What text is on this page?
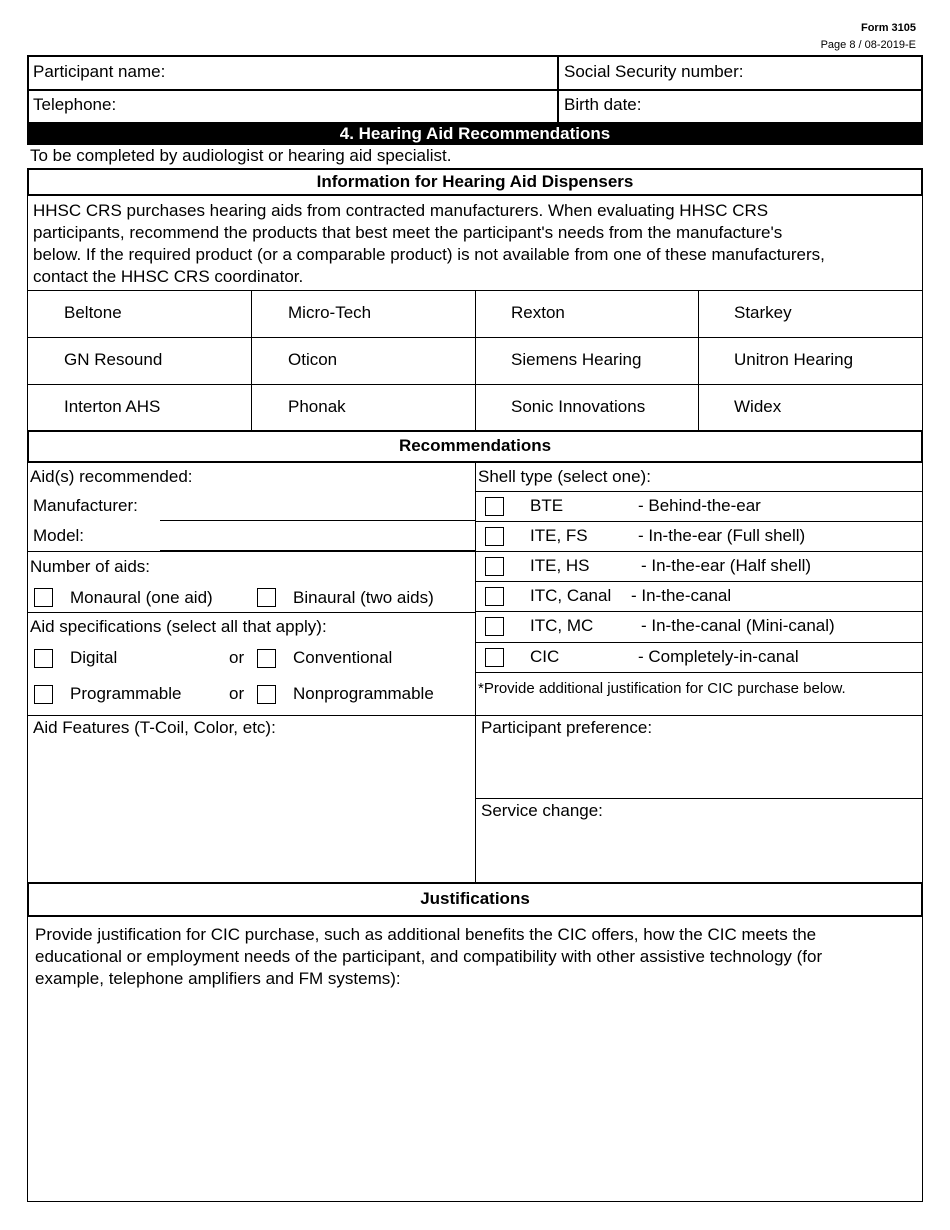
Form 3105
Page 8 / 08-2019-E
Participant name:	Social Security number:
Telephone:	Birth date:
4. Hearing Aid Recommendations
To be completed by audiologist or hearing aid specialist.
Information for Hearing Aid Dispensers
HHSC CRS purchases hearing aids from contracted manufacturers. When evaluating HHSC CRS
participants, recommend the products that best meet the participant's needs from the manufacture's
below. If the required product (or a comparable product) is not available from one of these manufacturers,
contact the HHSC CRS coordinator.
Beltone	Micro-Tech	Rexton	Starkey
GN Resound	Oticon	Siemens Hearing	Unitron Hearing
Interton AHS	Phonak	Sonic Innovations	Widex
Recommendations
Aid(s) recommended:
Manufacturer:
Model:
Number of aids:
Monaural (one aid)	Binaural (two aids)
Aid specifications (select all that apply):
Digital	or	Conventional
Programmable	or	Nonprogrammable
Aid Features (T-Coil, Color, etc):
Shell type (select one):
BTE	- Behind-the-ear
ITE, FS	- In-the-ear (Full shell)
ITE, HS	- In-the-ear (Half shell)
ITC, Canal - In-the-canal
ITC, MC	- In-the-canal (Mini-canal)
CIC	- Completely-in-canal
*Provide additional justification for CIC purchase below.
Participant preference:
Service change:
Justifications
Provide justification for CIC purchase, such as additional benefits the CIC offers, how the CIC meets the
educational or employment needs of the participant, and compatibility with other assistive technology (for
example, telephone amplifiers and FM systems):
